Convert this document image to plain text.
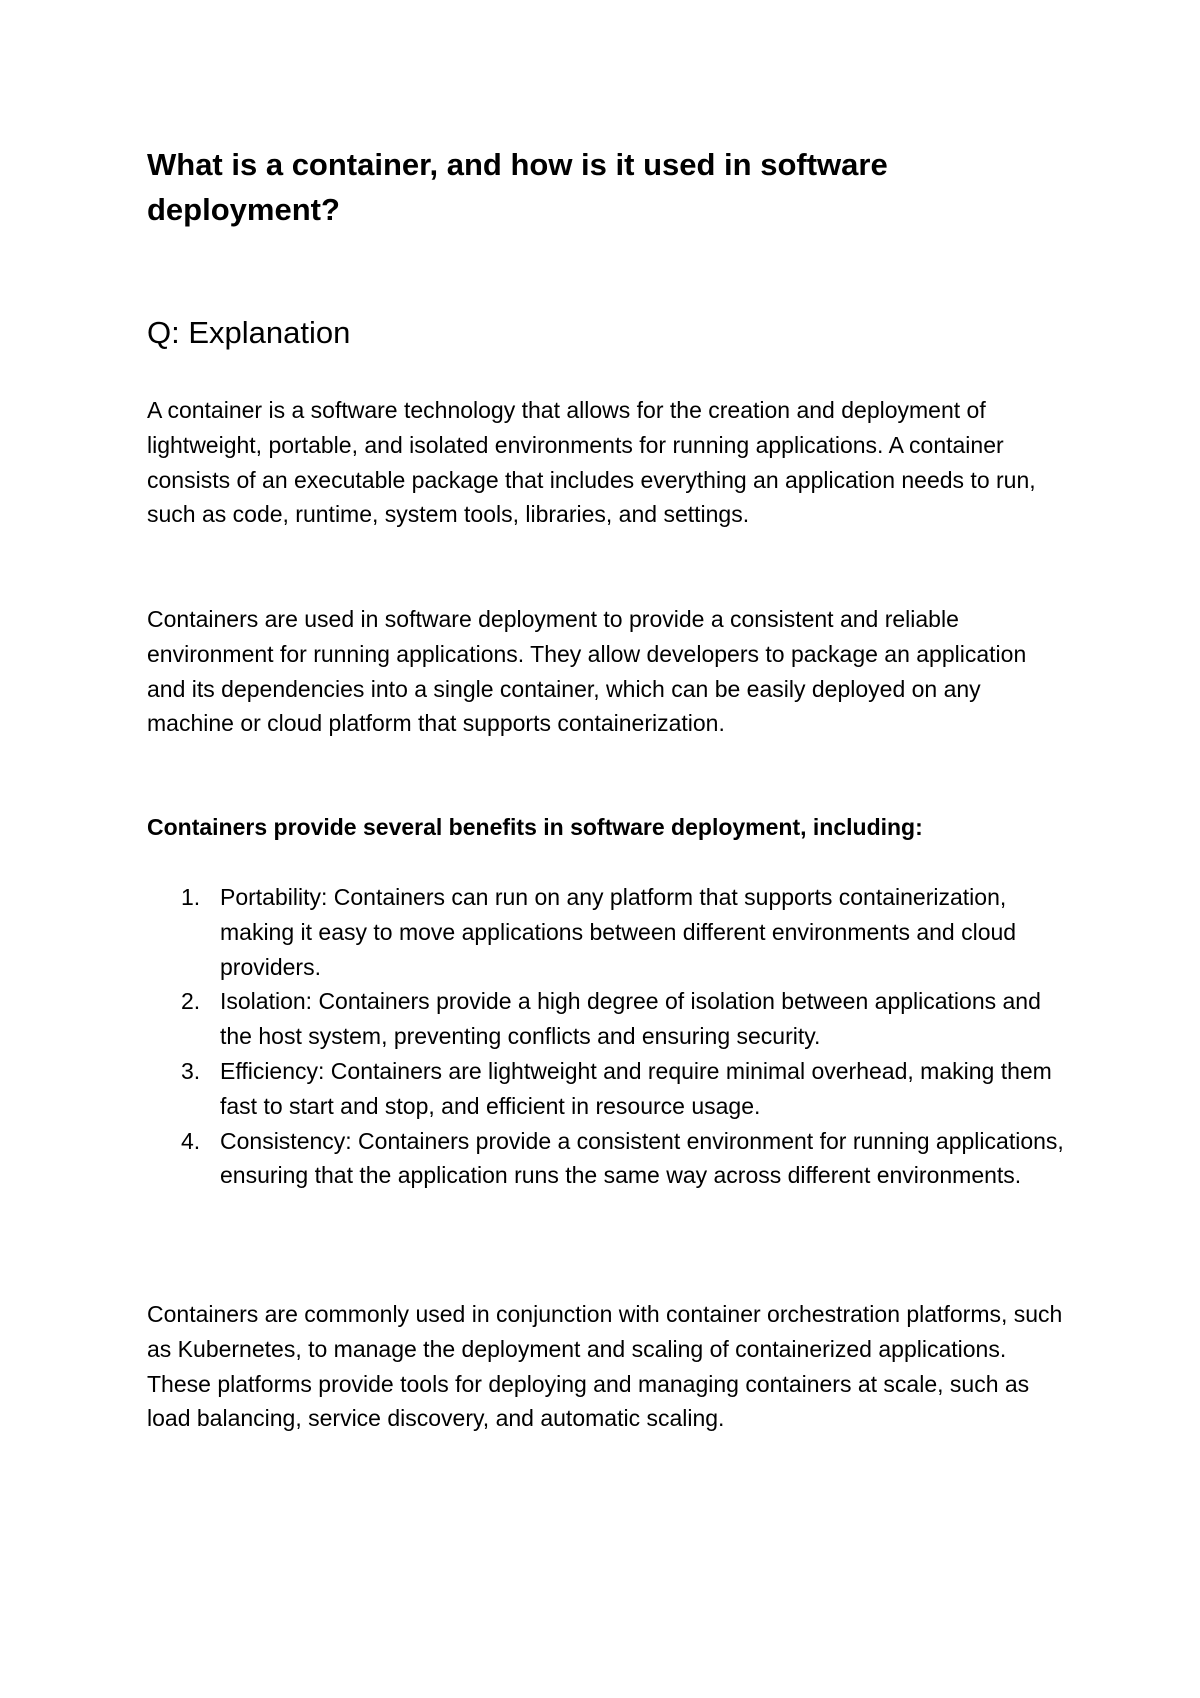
What is a container, and how is it used in software deployment?
Q: Explanation

A container is a software technology that allows for the creation and deployment of lightweight, portable, and isolated environments for running applications. A container consists of an executable package that includes everything an application needs to run, such as code, runtime, system tools, libraries, and settings.

Containers are used in software deployment to provide a consistent and reliable environment for running applications. They allow developers to package an application and its dependencies into a single container, which can be easily deployed on any machine or cloud platform that supports containerization.

Containers provide several benefits in software deployment, including:

1. Portability: Containers can run on any platform that supports containerization, making it easy to move applications between different environments and cloud providers.
2. Isolation: Containers provide a high degree of isolation between applications and the host system, preventing conflicts and ensuring security.
3. Efficiency: Containers are lightweight and require minimal overhead, making them fast to start and stop, and efficient in resource usage.
4. Consistency: Containers provide a consistent environment for running applications, ensuring that the application runs the same way across different environments.

Containers are commonly used in conjunction with container orchestration platforms, such as Kubernetes, to manage the deployment and scaling of containerized applications. These platforms provide tools for deploying and managing containers at scale, such as load balancing, service discovery, and automatic scaling.
